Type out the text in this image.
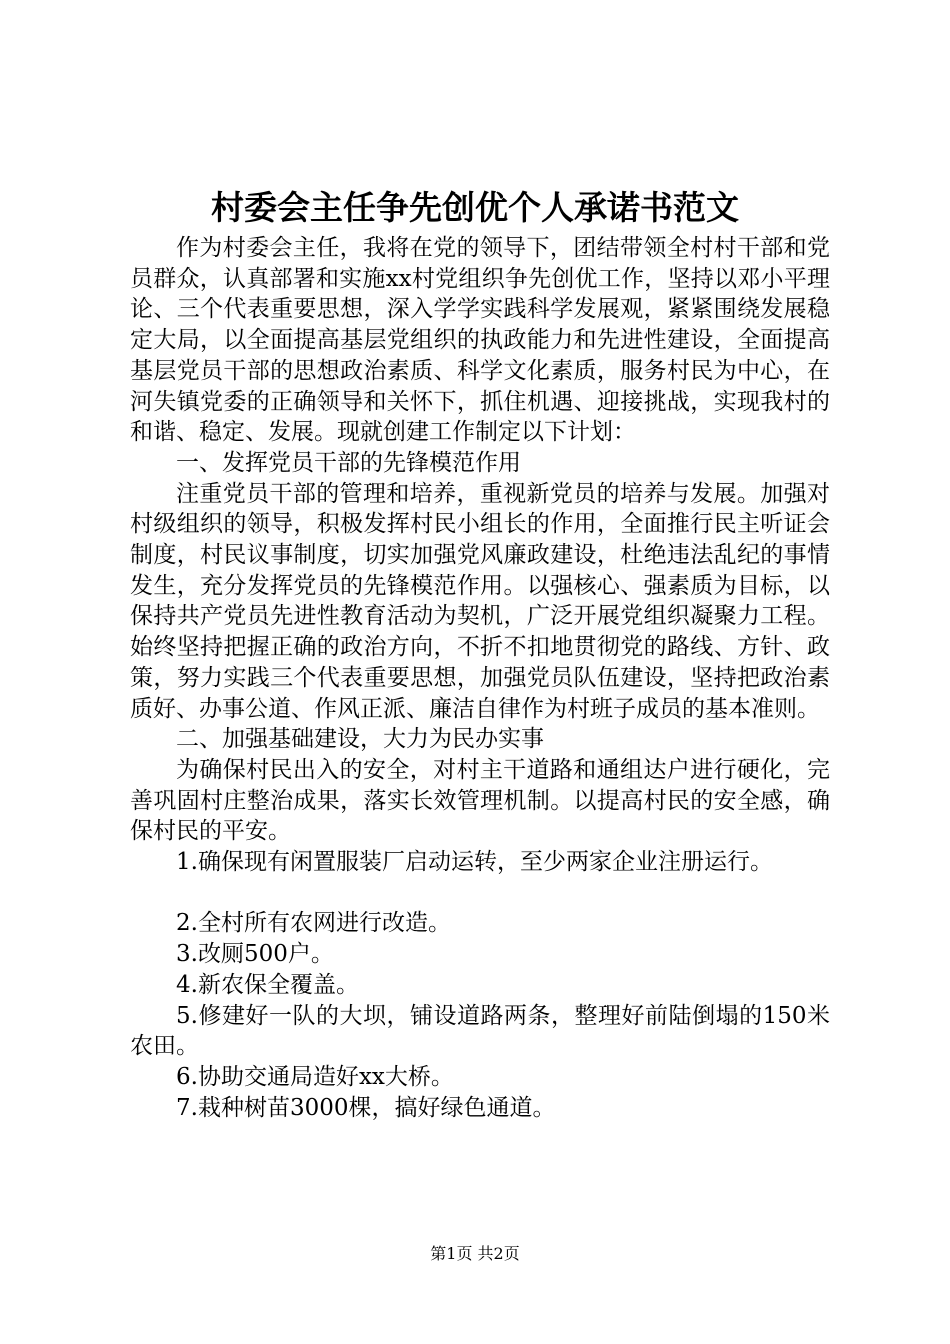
村委会主任争先创优个人承诺书范文

作为村委会主任，我将在党的领导下，团结带领全村村干部和党员群众，认真部署和实施xx村党组织争先创优工作，坚持以邓小平理论、三个代表重要思想，深入学学实践科学发展观，紧紧围绕发展稳定大局，以全面提高基层党组织的执政能力和先进性建设，全面提高基层党员干部的思想政治素质、科学文化素质，服务村民为中心，在河失镇党委的正确领导和关怀下，抓住机遇、迎接挑战，实现我村的和谐、稳定、发展。现就创建工作制定以下计划：

一、发挥党员干部的先锋模范作用

注重党员干部的管理和培养，重视新党员的培养与发展。加强对村级组织的领导，积极发挥村民小组长的作用，全面推行民主听证会制度，村民议事制度，切实加强党风廉政建设，杜绝违法乱纪的事情发生，充分发挥党员的先锋模范作用。以强核心、强素质为目标，以保持共产党员先进性教育活动为契机，广泛开展党组织凝聚力工程。始终坚持把握正确的政治方向，不折不扣地贯彻党的路线、方针、政策，努力实践三个代表重要思想，加强党员队伍建设，坚持把政治素质好、办事公道、作风正派、廉洁自律作为村班子成员的基本准则。

二、加强基础建设，大力为民办实事

为确保村民出入的安全，对村主干道路和通组达户进行硬化，完善巩固村庄整治成果，落实长效管理机制。以提高村民的安全感，确保村民的平安。

1.确保现有闲置服装厂启动运转，至少两家企业注册运行。

2.全村所有农网进行改造。

3.改厕500户。

4.新农保全覆盖。

5.修建好一队的大坝，铺设道路两条，整理好前陆倒塌的150米农田。

6.协助交通局造好xx大桥。

7.栽种树苗3000棵，搞好绿色通道。

第1页 共2页
